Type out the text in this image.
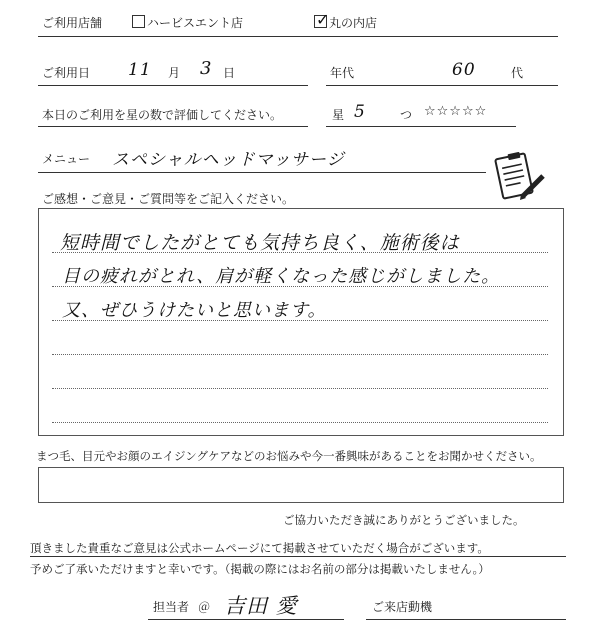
ご利用店舗	ハービスエント店	✓ 丸の内店
ご利用日 11 月 3 日	年代	60	代
本日のご利用を星の数で評価してください。	星 5	つ ☆☆☆☆☆
メニュー スペシャルヘッドマッサージ
ご感想・ご意見・ご質問等をご記入ください。
短時間でしたがとても気持ち良く、施術後は
目の疲れがとれ、肩が軽くなった感じがしました。
又、ぜひうけたいと思います。
まつ毛、目元やお顔のエイジングケアなどのお悩みや今一番興味があることをお聞かせください。
ご協力いただき誠にありがとうございました。
頂きました貴重なご意見は公式ホームページにて掲載させていただく場合がございます。
予めご了承いただけますと幸いです。（掲載の際にはお名前の部分は掲載いたしません。）
担当者 ＠ 吉田 愛	ご来店動機
